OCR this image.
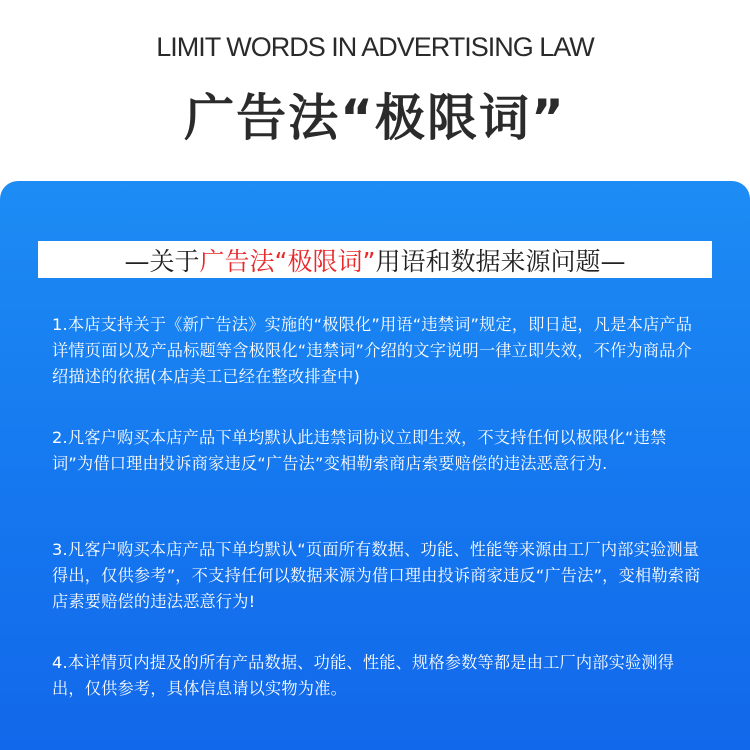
LIMIT WORDS IN ADVERTISING LAW
广告法“极限词”
—关于 广告法“极限词” 用语和数据来源问题—
1.本店支持关于《新广告法》实施的“极限化”用语“违禁词”规定，即日起，凡是本店产品详情页面以及产品标题等含极限化“违禁词”介绍的文字说明一律立即失效，不作为商品介绍描述的依据(本店美工已经在整改排查中)
2.凡客户购买本店产品下单均默认此违禁词协议立即生效，不支持任何以极限化“违禁词”为借口理由投诉商家违反“广告法”变相勒索商店索要赔偿的违法恶意行为.
3.凡客户购买本店产品下单均默认“页面所有数据、功能、性能等来源由工厂内部实验测量得出，仅供参考”，不支持任何以数据来源为借口理由投诉商家违反“广告法”，变相勒索商店素要赔偿的违法恶意行为!
4.本详情页内提及的所有产品数据、功能、性能、规格参数等都是由工厂内部实验测得出，仅供参考，具体信息请以实物为准。
